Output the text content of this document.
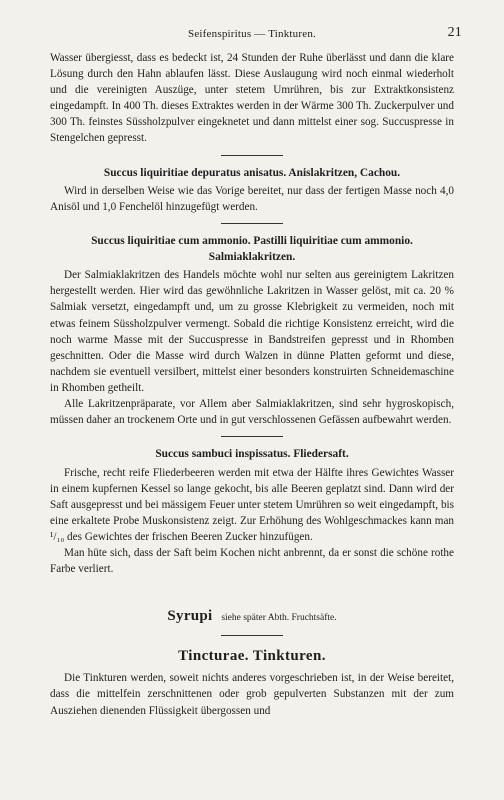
Seifenspiritus — Tinkturen.	21

Wasser übergiesst, dass es bedeckt ist, 24 Stunden der Ruhe überlässt und dann die klare Lösung durch den Hahn ablaufen lässt. Diese Auslaugung wird noch einmal wiederholt und die vereinigten Auszüge, unter stetem Umrühren, bis zur Extraktkonsistenz eingedampft. In 400 Th. dieses Extraktes werden in der Wärme 300 Th. Zuckerpulver und 300 Th. feinstes Süssholzpulver eingeknetet und dann mittelst einer sog. Succuspresse in Stengelchen gepresst.

Succus liquiritiae depuratus anisatus. Anislakritzen, Cachou.

Wird in derselben Weise wie das Vorige bereitet, nur dass der fertigen Masse noch 4,0 Anisöl und 1,0 Fenchelöl hinzugefügt werden.

Succus liquiritiae cum ammonio. Pastilli liquiritiae cum ammonio.
Salmiaklakritzen.

Der Salmiaklakritzen des Handels möchte wohl nur selten aus gereinigtem Lakritzen hergestellt werden. Hier wird das gewöhnliche Lakritzen in Wasser gelöst, mit ca. 20 % Salmiak versetzt, eingedampft und, um zu grosse Klebrigkeit zu vermeiden, noch mit etwas feinem Süssholzpulver vermengt. Sobald die richtige Konsistenz erreicht, wird die noch warme Masse mit der Succuspresse in Bandstreifen gepresst und in Rhomben geschnitten. Oder die Masse wird durch Walzen in dünne Platten geformt und diese, nachdem sie eventuell versilbert, mittelst einer besonders konstruirten Schneidemaschine in Rhomben getheilt.

Alle Lakritzenpräparate, vor Allem aber Salmiaklakritzen, sind sehr hygroskopisch, müssen daher an trockenem Orte und in gut verschlossenen Gefässen aufbewahrt werden.

Succus sambuci inspissatus. Fliedersaft.

Frische, recht reife Fliederbeeren werden mit etwa der Hälfte ihres Gewichtes Wasser in einem kupfernen Kessel so lange gekocht, bis alle Beeren geplatzt sind. Dann wird der Saft ausgepresst und bei mässigem Feuer unter stetem Umrühren so weit eingedampft, bis eine erkaltete Probe Muskonsistenz zeigt. Zur Erhöhung des Wohlgeschmackes kann man ¹/₁₀ des Gewichtes der frischen Beeren Zucker hinzufügen.

Man hüte sich, dass der Saft beim Kochen nicht anbrennt, da er sonst die schöne rothe Farbe verliert.

Syrupi siehe später Abth. Fruchtsäfte.
Tincturae. Tinkturen.

Die Tinkturen werden, soweit nichts anderes vorgeschrieben ist, in der Weise bereitet, dass die mittelfein zerschnittenen oder grob gepulverten Substanzen mit der zum Ausziehen dienenden Flüssigkeit übergossen und
